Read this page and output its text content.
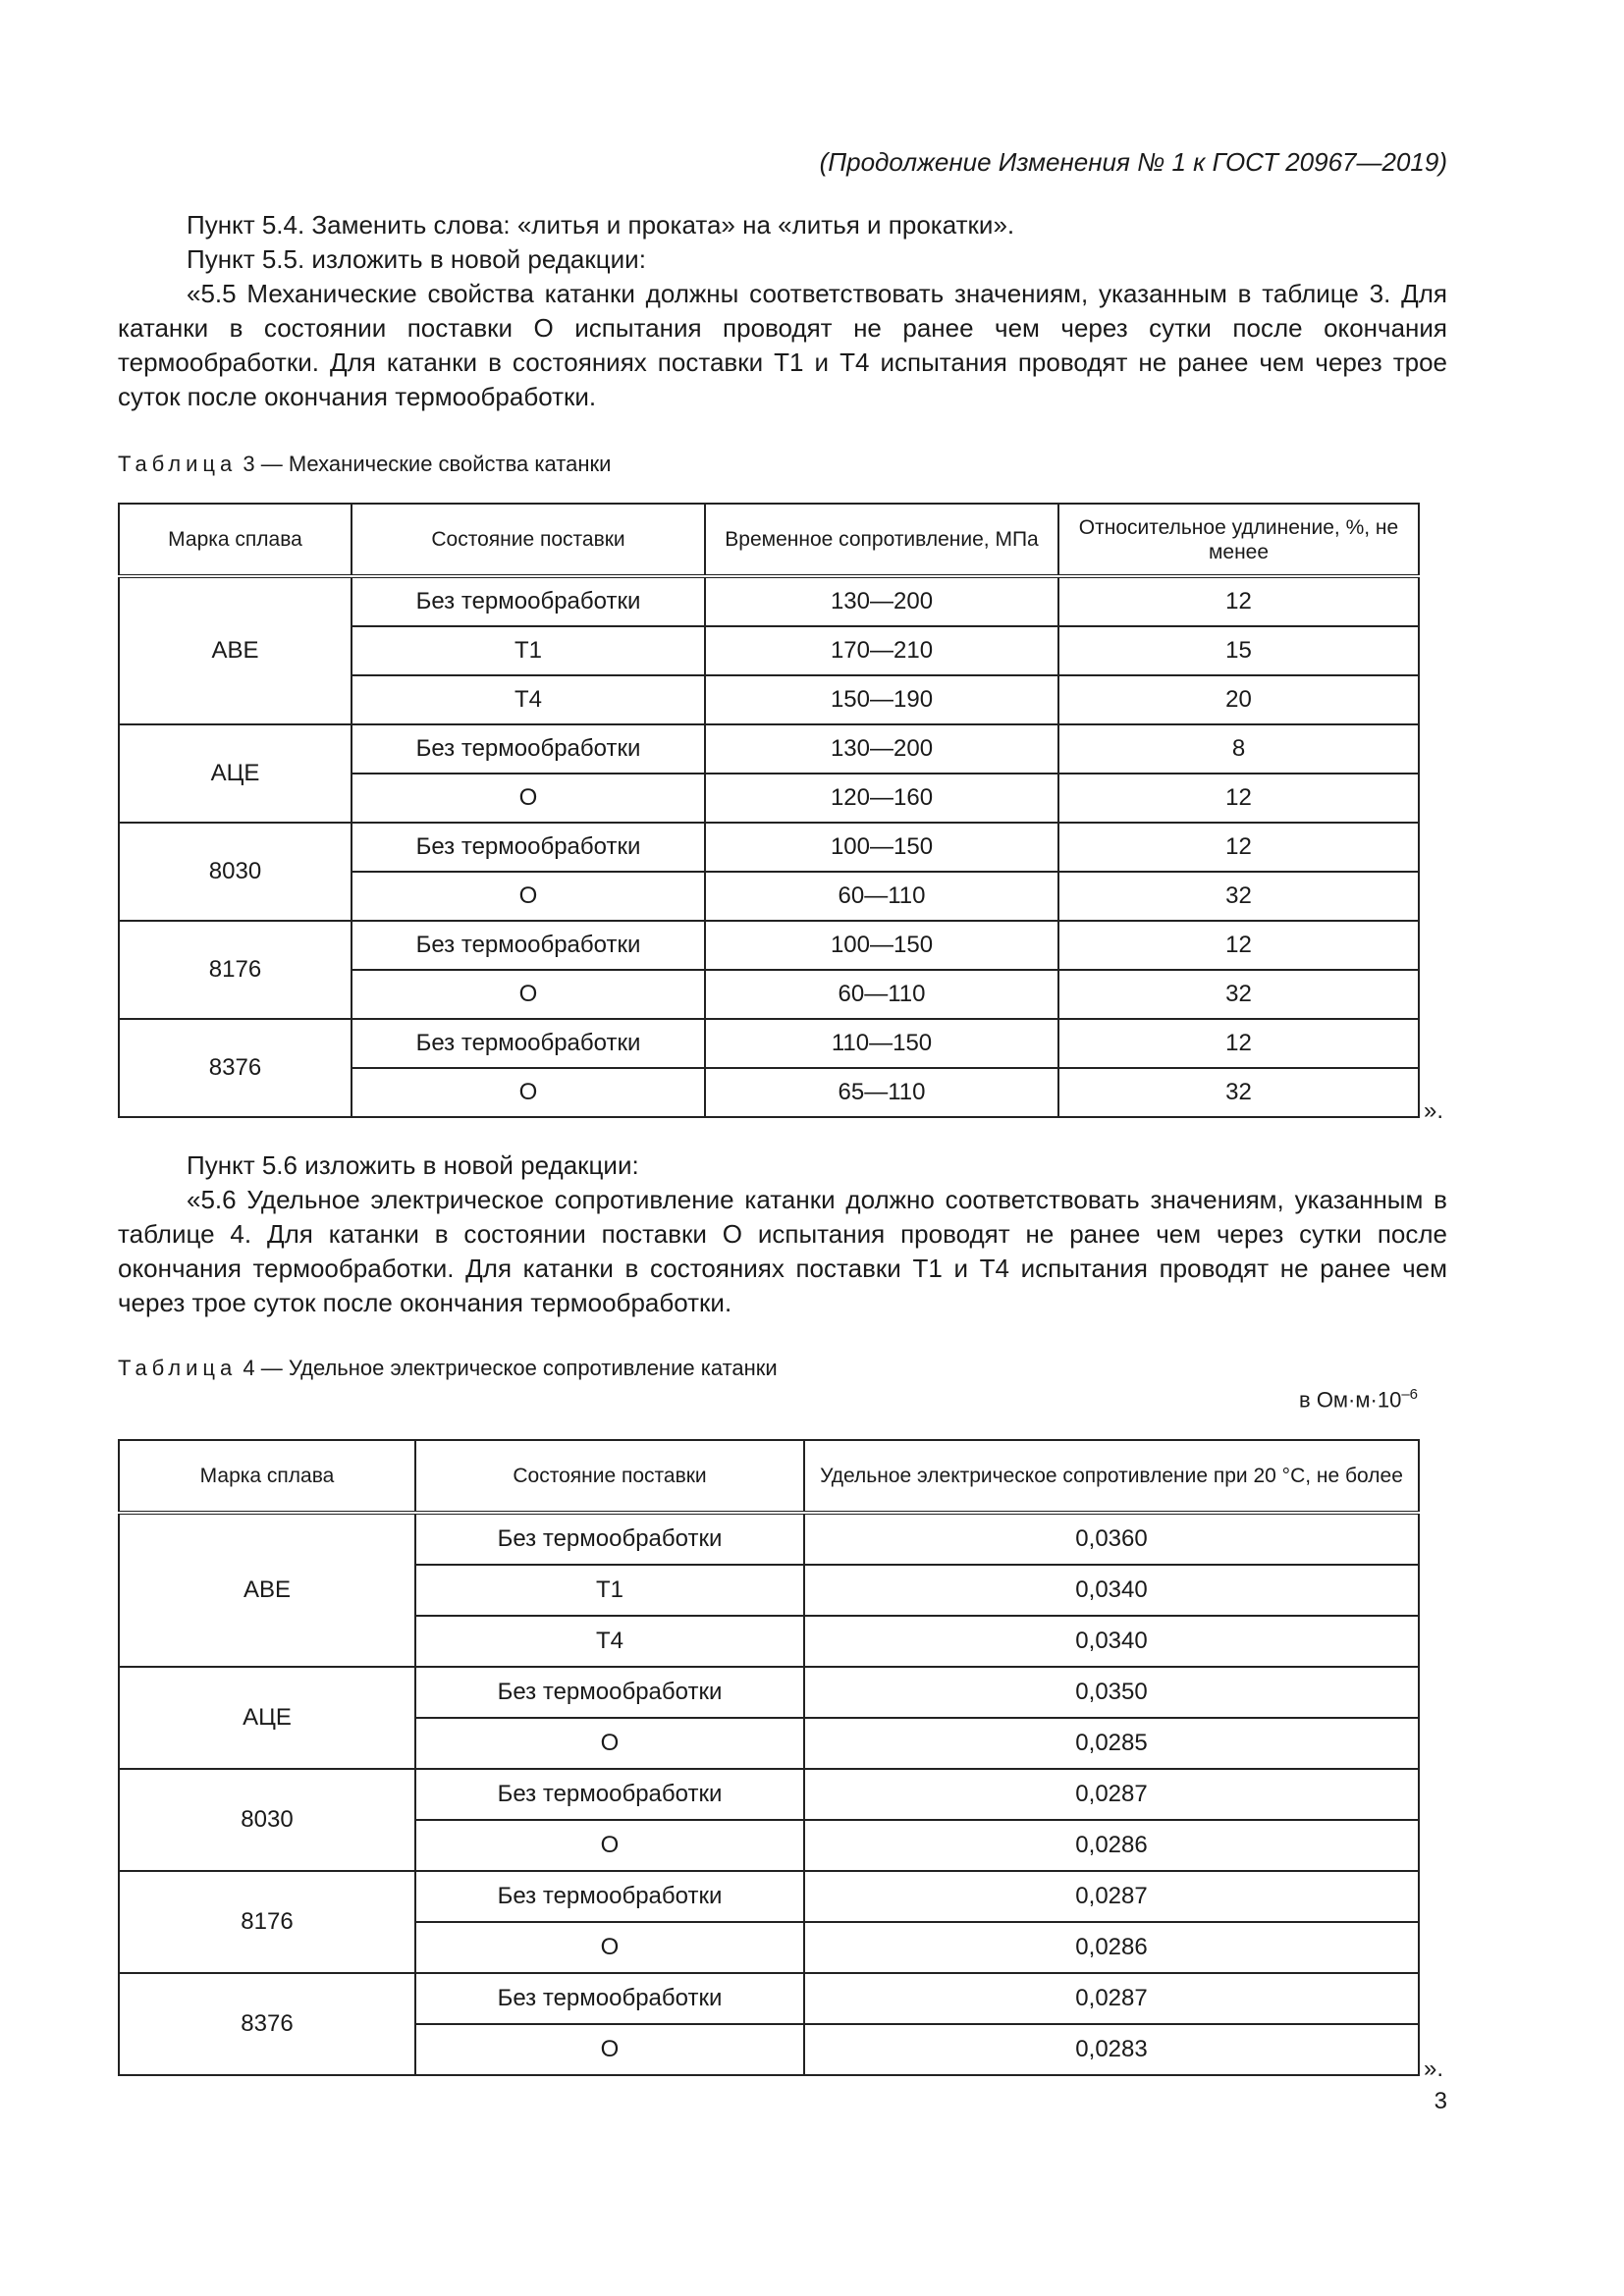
(Продолжение Изменения № 1 к ГОСТ 20967—2019)

Пункт 5.4. Заменить слова: «литья и проката» на «литья и прокатки».

Пункт 5.5. изложить в новой редакции:

«5.5 Механические свойства катанки должны соответствовать значениям, указанным в таблице 3. Для катанки в состоянии поставки О испытания проводят не ранее чем через сутки после окончания термообработки. Для катанки в состояниях поставки Т1 и Т4 испытания проводят не ранее чем через трое суток после окончания термообработки.

Таблица 3 — Механические свойства катанки
Марка сплава	Состояние поставки	Временное сопротивление, МПа	Относительное удлинение, %, не менее
АВЕ	Без термообработки	130—200	12
	Т1	170—210	15
	Т4	150—190	20
АЦЕ	Без термообработки	130—200	8
	О	120—160	12
8030	Без термообработки	100—150	12
	О	60—110	32
8176	Без термообработки	100—150	12
	О	60—110	32
8376	Без термообработки	110—150	12
	О	65—110	32
».

Пункт 5.6 изложить в новой редакции:

«5.6 Удельное электрическое сопротивление катанки должно соответствовать значениям, указанным в таблице 4. Для катанки в состоянии поставки О испытания проводят не ранее чем через сутки после окончания термообработки. Для катанки в состояниях поставки Т1 и Т4 испытания проводят не ранее чем через трое суток после окончания термообработки.

Таблица 4 — Удельное электрическое сопротивление катанки
в $Ом\cdot м\cdot 10^{-6}$
Марка сплава	Состояние поставки	Удельное электрическое сопротивление при 20 °С, не более
АВЕ	Без термообработки	0,0360
	Т1	0,0340
	Т4	0,0340
АЦЕ	Без термообработки	0,0350
	О	0,0285
8030	Без термообработки	0,0287
	О	0,0286
8176	Без термообработки	0,0287
	О	0,0286
8376	Без термообработки	0,0287
	О	0,0283
».
3
